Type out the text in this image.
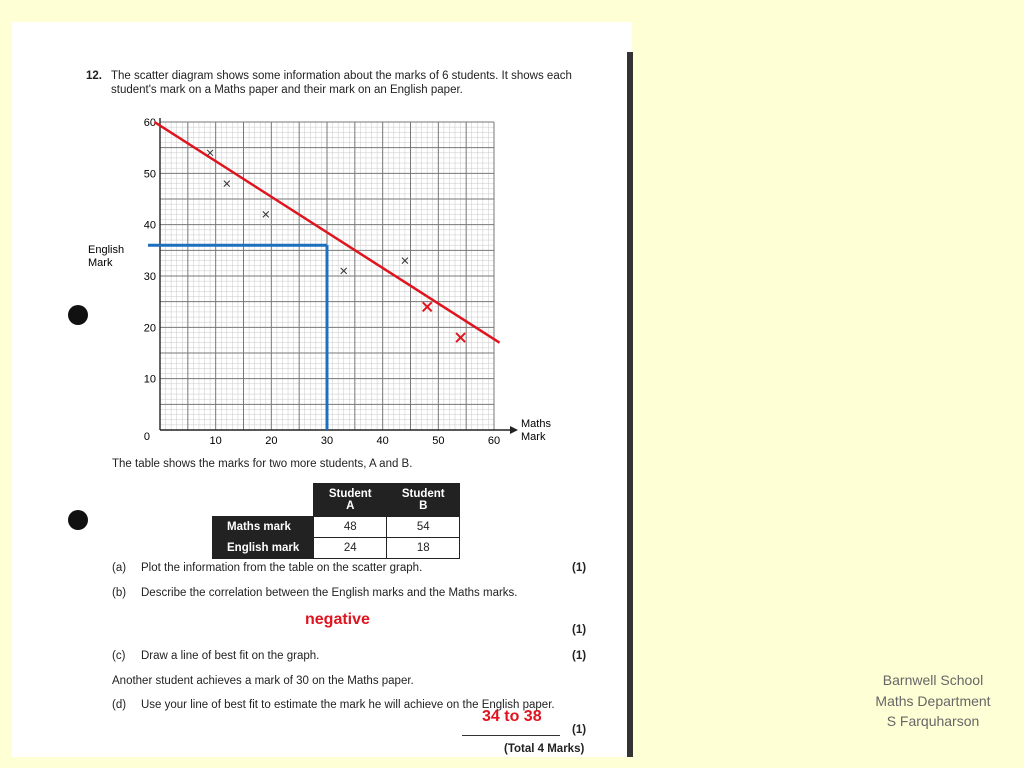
12. The scatter diagram shows some information about the marks of 6 students. It shows each student's mark on a Maths paper and their mark on an English paper.
10	20	30	40	50	60
10
20
30
40
50
60
0
Maths
Mark
English
Mark
The table shows the marks for two more students, A and B.
	Student A	Student B
Maths mark	48	54
English mark	24	18
(a) Plot the information from the table on the scatter graph.	(1)
(b) Describe the correlation between the English marks and the Maths marks.
negative
(1)
(c) Draw a line of best fit on the graph.	(1)
Another student achieves a mark of 30 on the Maths paper.
(d) Use your line of best fit to estimate the mark he will achieve on the English paper.
34 to 38
(1)
(Total 4 Marks)
Barnwell School
Maths Department
S Farquharson
